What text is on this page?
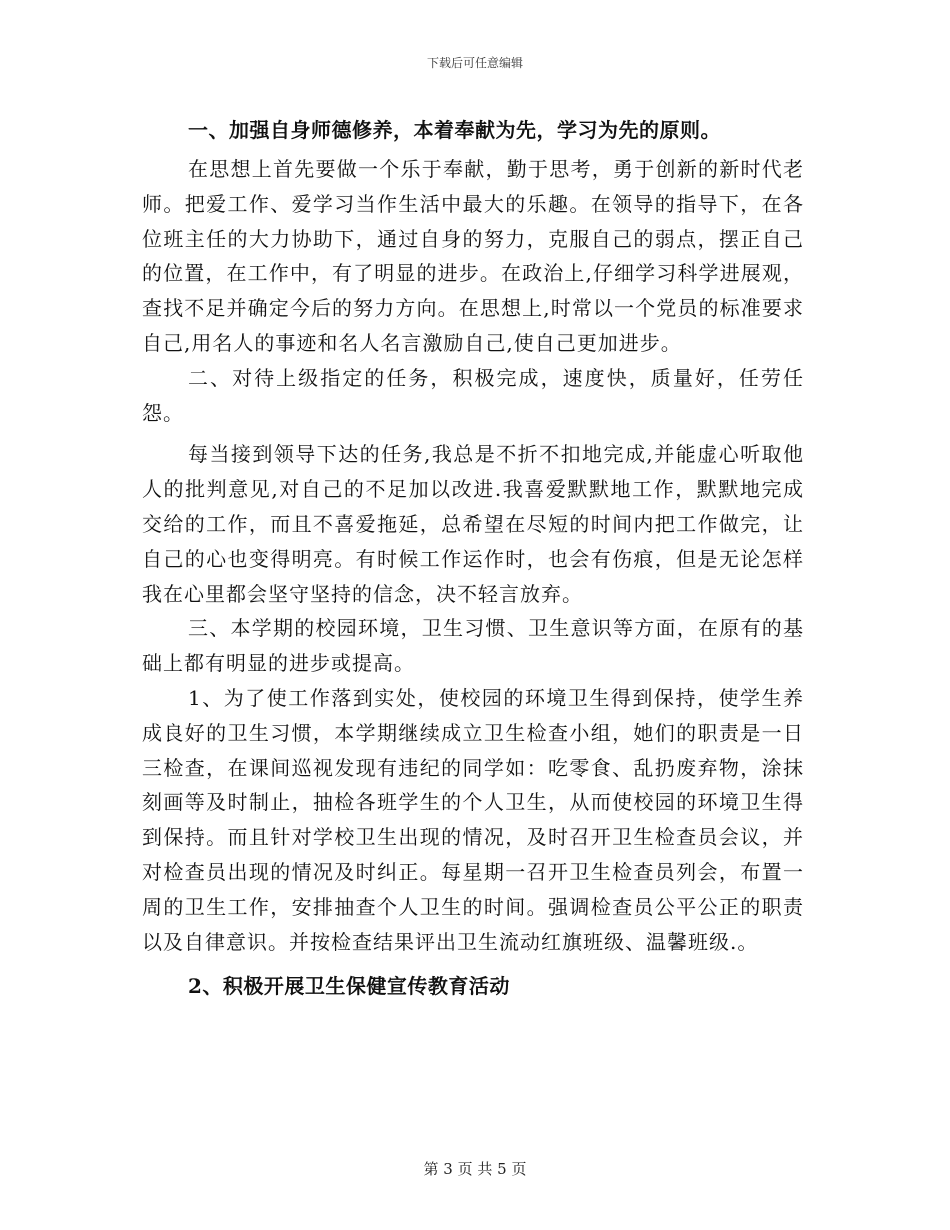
下载后可任意编辑

一、加强自身师德修养，本着奉献为先，学习为先的原则。

在思想上首先要做一个乐于奉献，勤于思考，勇于创新的新时代老师。把爱工作、爱学习当作生活中最大的乐趣。在领导的指导下，在各位班主任的大力协助下，通过自身的努力，克服自己的弱点，摆正自己的位置，在工作中，有了明显的进步。在政治上,仔细学习科学进展观，查找不足并确定今后的努力方向。在思想上,时常以一个党员的标准要求自己,用名人的事迹和名人名言激励自己,使自己更加进步。

二、对待上级指定的任务，积极完成，速度快，质量好，任劳任怨。

每当接到领导下达的任务,我总是不折不扣地完成,并能虚心听取他人的批判意见,对自己的不足加以改进.我喜爱默默地工作，默默地完成交给的工作，而且不喜爱拖延，总希望在尽短的时间内把工作做完，让自己的心也变得明亮。有时候工作运作时，也会有伤痕，但是无论怎样我在心里都会坚守坚持的信念，决不轻言放弃。

三、本学期的校园环境，卫生习惯、卫生意识等方面，在原有的基础上都有明显的进步或提高。

1、为了使工作落到实处，使校园的环境卫生得到保持，使学生养成良好的卫生习惯，本学期继续成立卫生检查小组，她们的职责是一日三检查，在课间巡视发现有违纪的同学如：吃零食、乱扔废弃物，涂抹刻画等及时制止，抽检各班学生的个人卫生，从而使校园的环境卫生得到保持。而且针对学校卫生出现的情况，及时召开卫生检查员会议，并对检查员出现的情况及时纠正。每星期一召开卫生检查员列会，布置一周的卫生工作，安排抽查个人卫生的时间。强调检查员公平公正的职责以及自律意识。并按检查结果评出卫生流动红旗班级、温馨班级.。

2、积极开展卫生保健宣传教育活动

第 3 页 共 5 页
